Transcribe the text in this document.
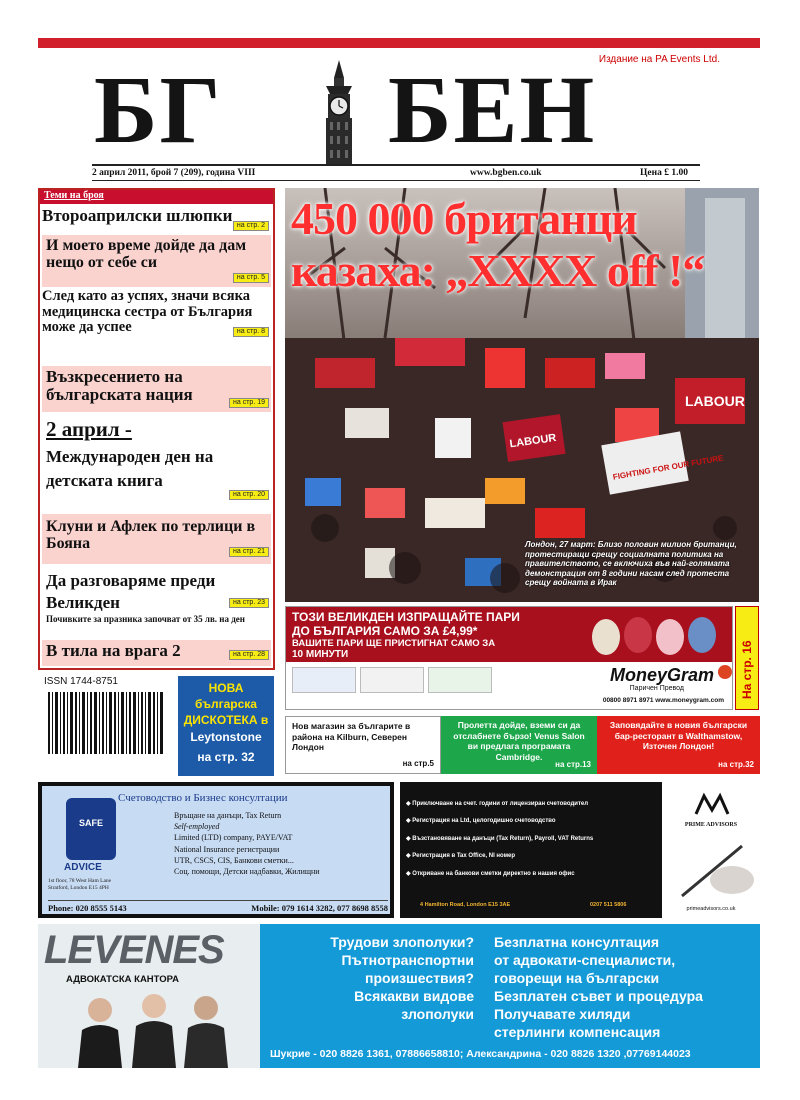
Издание на PA Events Ltd.
БГ БЕН
2 април 2011, брой 7 (209), година VIII	www.bgben.co.uk	Цена £ 1.00
Теми на броя
Второаприлски шлюпки
на стр. 2
И моето време дойде да дам нещо от себе си
на стр. 5
След като аз успях, значи всяка медицинска сестра от България може да успее	на стр. 8
Възкресението на българската нация	на стр. 19
2 април -
Международен ден на детската книга
на стр. 20
Клуни и Афлек по терлици в Бояна	на стр. 21
Да разговаряме преди Великден
Почивките за празника започват от 35 лв. на ден
на стр. 23
В тила на врага 2	на стр. 28
LABOUR
FIGHTING FOR OUR FUTURE
LABOUR
450 000 британци
казаха: „XXXX off !“
Лондон, 27 март: Близо половин милион британци, протестиращи срещу социалната политика на правителството, се включиха във най-голямата демонстрация от 8 години насам след протеста срещу войната в Ирак
ТОЗИ ВЕЛИКДЕН ИЗПРАЩАЙТЕ ПАРИ
ДО БЪЛГАРИЯ САМО ЗА £4,99*
ВАШИТЕ ПАРИ ЩЕ ПРИСТИГНАТ САМО ЗА
10 МИНУТИ
MoneyGram
Паричен Превод
00800 8971 8971 www.moneygram.com
На стр. 16
ISSN 1744-8751	НОВА
българска
ДИСКОТЕКА в
Leytonstone
на стр. 32
Нов магазин за българите в района на Kilburn, Северен Лондон
на стр.5
Пролетта дойде, вземи си да отслабнете бързо! Venus Salon ви предлага програмата Cambridge.
на стр.13
Заповядайте в новия български бар-ресторант в Walthamstow, Източен Лондон!
на стр.32
Счетоводство и Бизнес консултации
SAFE
ADVICE
1st floor, 78 West Ham Lane Stratford, London E15 4PH
Връщане на данъци, Tax Return
Self-employed
Limited (LTD) company, PAYE/VAT
National Insurance регистрации
UTR, CSCS, CIS, Банкови сметки...
Соц. помощи, Детски надбавки, Жилищни
Phone: 020 8555 5143	Mobile: 079 1614 3282, 077 8698 8558
◆ Приключване на счет. години от лицензиран счетоводител
◆ Регистрация на Ltd, целогодишно счетоводство
◆ Възстановяване на данъци (Tax Return), Payroll, VAT Returns
◆ Регистрация в Tax Office, NI номер
◆ Откриване на банкови сметки директно в нашия офис
4 Hamilton Road, London E15 3AE	0207 511 5806
PRIME ADVISORS
primeadvisors.co.uk
LEVENES
АДВОКАТСКА КАНТОРА
Трудови злополуки?
Пътнотранспортни
произшествия?
Всякакви видове
злополуки
Безплатна консултация
от адвокати-специалисти,
говорещи на български
Безплатен съвет и процедура
Получавате хиляди
стерлинги компенсация
Шукрие - 020 8826 1361, 07886658810; Александрина - 020 8826 1320 ,07769144023
